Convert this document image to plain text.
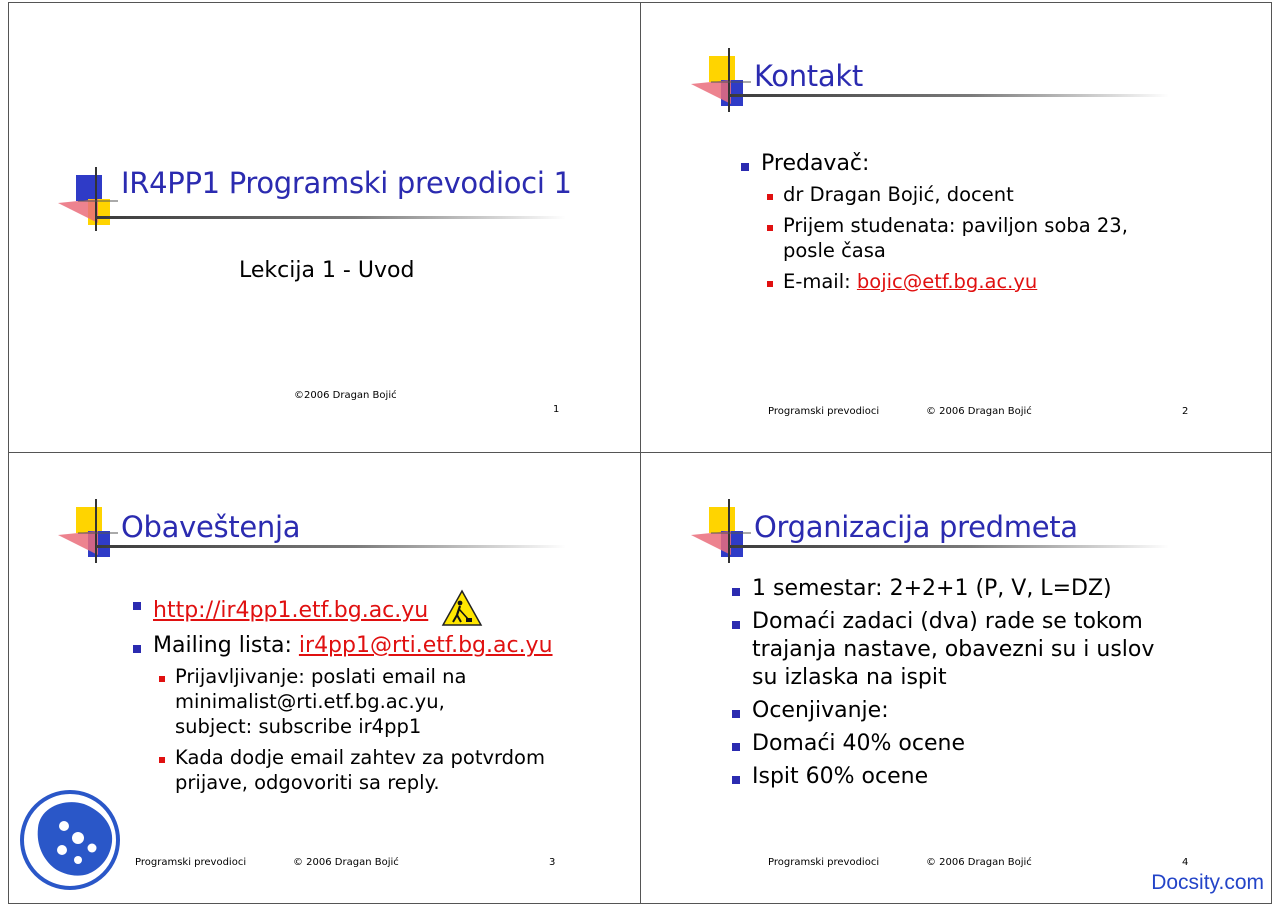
IR4PP1 Programski prevodioci 1
Lekcija 1 - Uvod
©2006 Dragan Bojić
1
Kontakt
Predavač:
dr Dragan Bojić, docent
Prijem studenata: paviljon soba 23, posle časa
E-mail: bojic@etf.bg.ac.yu
Programski prevodioci	© 2006 Dragan Bojić	2
Obaveštenja
http://ir4pp1.etf.bg.ac.yu
Mailing lista: ir4pp1@rti.etf.bg.ac.yu
Prijavljivanje: poslati email na minimalist@rti.etf.bg.ac.yu, subject: subscribe ir4pp1
Kada dodje email zahtev za potvrdom prijave, odgovoriti sa reply.
Programski prevodioci	© 2006 Dragan Bojić	3
Organizacija predmeta
1 semestar: 2+2+1 (P, V, L=DZ)
Domaći zadaci (dva) rade se tokom trajanja nastave, obavezni su i uslov su izlaska na ispit
Ocenjivanje:
Domaći 40% ocene
Ispit 60% ocene
Programski prevodioci	© 2006 Dragan Bojić	4
Docsity.com
